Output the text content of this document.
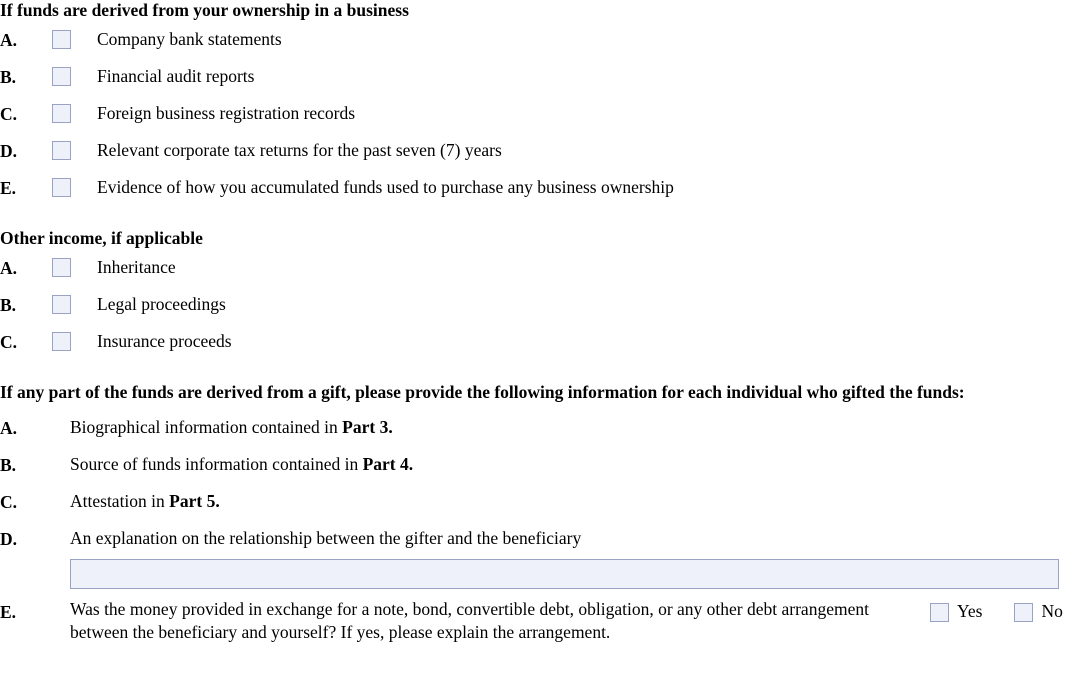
If funds are derived from your ownership in a business
A.	Company bank statements
B.	Financial audit reports
C.	Foreign business registration records
D.	Relevant corporate tax returns for the past seven (7) years
E.	Evidence of how you accumulated funds used to purchase any business ownership
Other income, if applicable
A.	Inheritance
B.	Legal proceedings
C.	Insurance proceeds
If any part of the funds are derived from a gift, please provide the following information for each individual who gifted the funds:
A.	Biographical information contained in Part 3.
B.	Source of funds information contained in Part 4.
C.	Attestation in Part 5.
D.	An explanation on the relationship between the gifter and the beneficiary
E.	Was the money provided in exchange for a note, bond, convertible debt, obligation, or any other debt arrangement between the beneficiary and yourself? If yes, please explain the arrangement.
Yes	No
